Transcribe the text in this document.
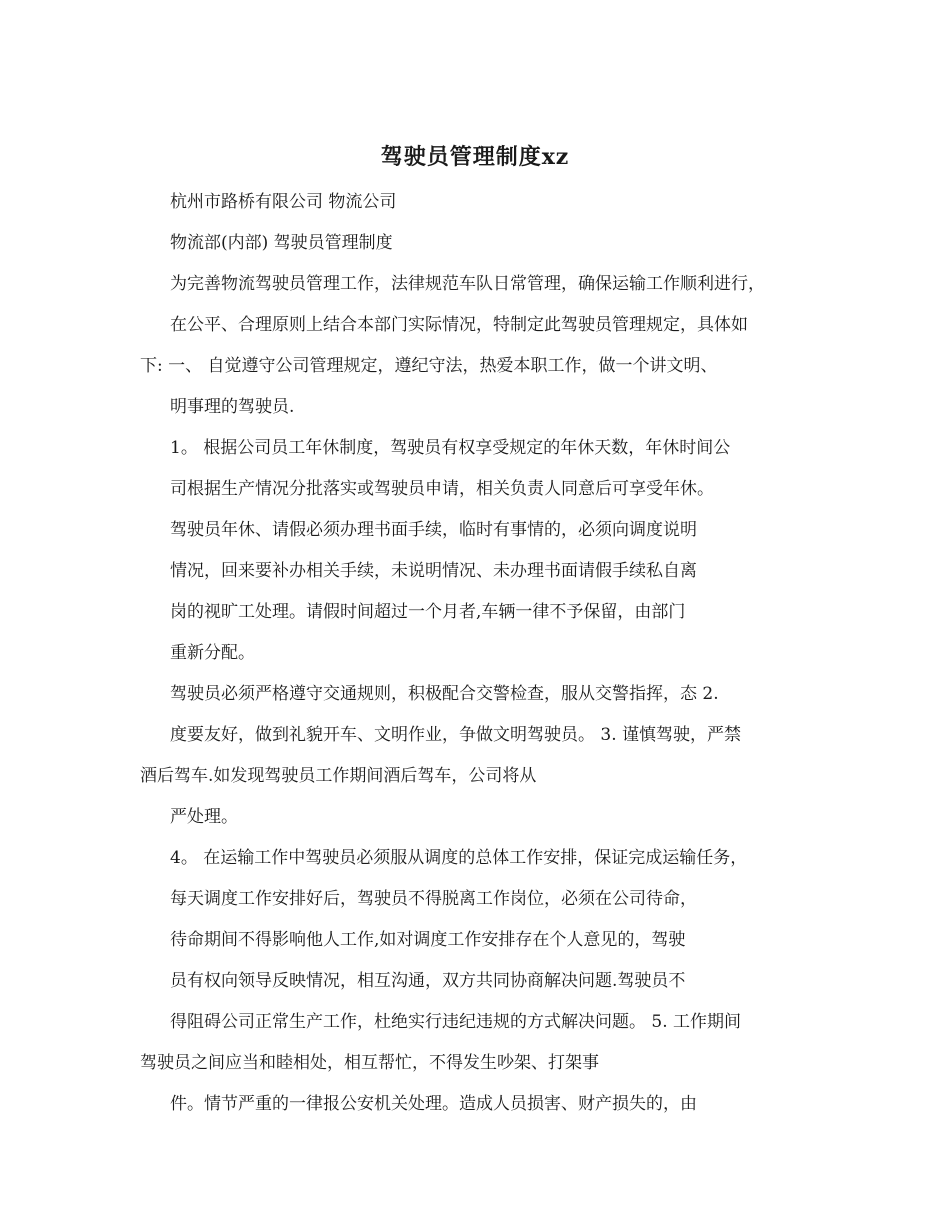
驾驶员管理制度xz
杭州市路桥有限公司 物流公司
物流部(内部) 驾驶员管理制度
为完善物流驾驶员管理工作，法律规范车队日常管理，确保运输工作顺利进行，
在公平、合理原则上结合本部门实际情况，特制定此驾驶员管理规定，具体如
下: 一、 自觉遵守公司管理规定，遵纪守法，热爱本职工作，做一个讲文明、
明事理的驾驶员.
1。 根据公司员工年休制度，驾驶员有权享受规定的年休天数，年休时间公
司根据生产情况分批落实或驾驶员申请，相关负责人同意后可享受年休。
驾驶员年休、请假必须办理书面手续，临时有事情的，必须向调度说明
情况，回来要补办相关手续，未说明情况、未办理书面请假手续私自离
岗的视旷工处理。请假时间超过一个月者,车辆一律不予保留，由部门
重新分配。
驾驶员必须严格遵守交通规则，积极配合交警检查，服从交警指挥，态 2.
度要友好，做到礼貌开车、文明作业，争做文明驾驶员。 3. 谨慎驾驶，严禁
酒后驾车.如发现驾驶员工作期间酒后驾车，公司将从
严处理。
4。 在运输工作中驾驶员必须服从调度的总体工作安排，保证完成运输任务，
每天调度工作安排好后，驾驶员不得脱离工作岗位，必须在公司待命，
待命期间不得影响他人工作,如对调度工作安排存在个人意见的，驾驶
员有权向领导反映情况，相互沟通，双方共同协商解决问题.驾驶员不
得阻碍公司正常生产工作，杜绝实行违纪违规的方式解决问题。 5. 工作期间
驾驶员之间应当和睦相处，相互帮忙，不得发生吵架、打架事
件。情节严重的一律报公安机关处理。造成人员损害、财产损失的，由
